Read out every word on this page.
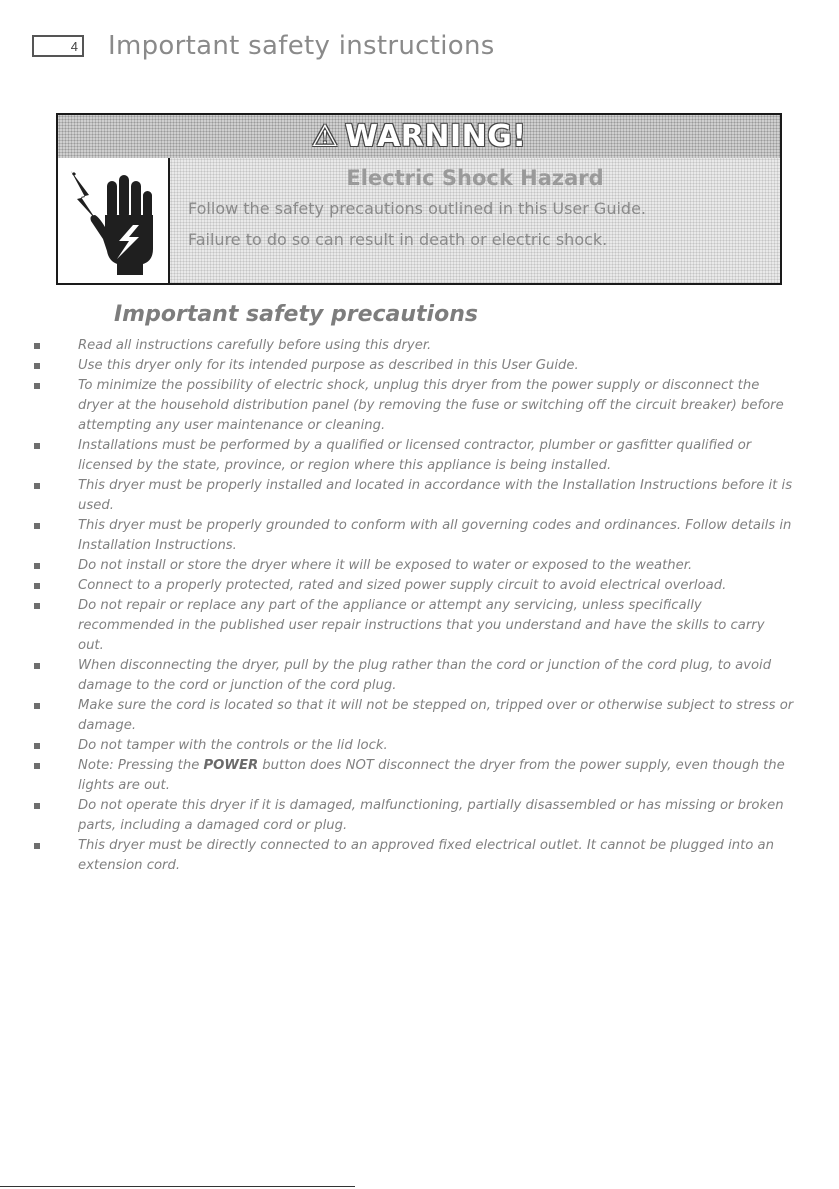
4 Important safety instructions
⚠ WARNING!
Electric Shock Hazard
Follow the safety precautions outlined in this User Guide.
Failure to do so can result in death or electric shock.
Important safety precautions
Read all instructions carefully before using this dryer.
Use this dryer only for its intended purpose as described in this User Guide.
To minimize the possibility of electric shock, unplug this dryer from the power supply or disconnect the dryer at the household distribution panel (by removing the fuse or switching off the circuit breaker) before attempting any user maintenance or cleaning.
Installations must be performed by a qualified or licensed contractor, plumber or gasfitter qualified or licensed by the state, province, or region where this appliance is being installed.
This dryer must be properly installed and located in accordance with the Installation Instructions before it is used.
This dryer must be properly grounded to conform with all governing codes and ordinances. Follow details in Installation Instructions.
Do not install or store the dryer where it will be exposed to water or exposed to the weather.
Connect to a properly protected, rated and sized power supply circuit to avoid electrical overload.
Do not repair or replace any part of the appliance or attempt any servicing, unless specifically recommended in the published user repair instructions that you understand and have the skills to carry out.
When disconnecting the dryer, pull by the plug rather than the cord or junction of the cord plug, to avoid damage to the cord or junction of the cord plug.
Make sure the cord is located so that it will not be stepped on, tripped over or otherwise subject to stress or damage.
Do not tamper with the controls or the lid lock.
Note: Pressing the POWER button does NOT disconnect the dryer from the power supply, even though the lights are out.
Do not operate this dryer if it is damaged, malfunctioning, partially disassembled or has missing or broken parts, including a damaged cord or plug.
This dryer must be directly connected to an approved fixed electrical outlet. It cannot be plugged into an extension cord.
